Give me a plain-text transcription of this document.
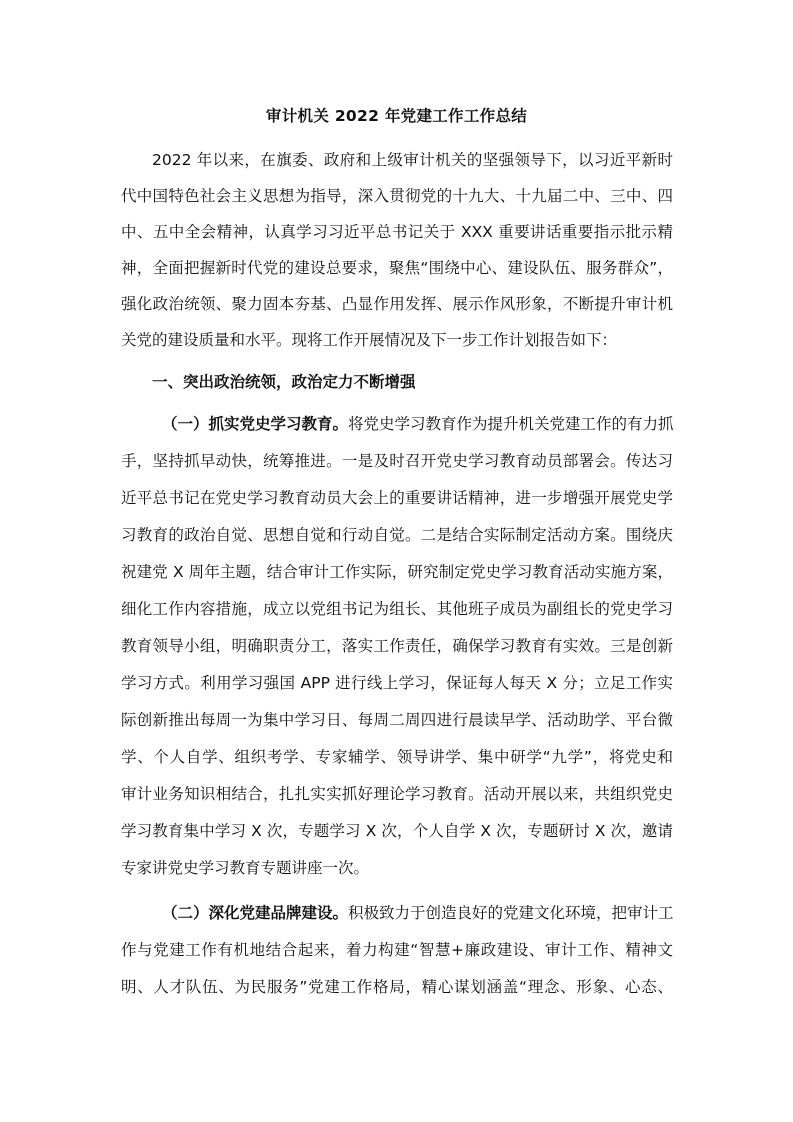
审计机关 2022 年党建工作工作总结
2022 年以来，在旗委、政府和上级审计机关的坚强领导下，以习近平新时
代中国特色社会主义思想为指导，深入贯彻党的十九大、十九届二中、三中、四
中、五中全会精神，认真学习习近平总书记关于 XXX 重要讲话重要指示批示精
神，全面把握新时代党的建设总要求，聚焦“围绕中心、建设队伍、服务群众”，
强化政治统领、聚力固本夯基、凸显作用发挥、展示作风形象，不断提升审计机
关党的建设质量和水平。现将工作开展情况及下一步工作计划报告如下：
一、突出政治统领，政治定力不断增强
（一）抓实党史学习教育。将党史学习教育作为提升机关党建工作的有力抓
手，坚持抓早动快，统筹推进。一是及时召开党史学习教育动员部署会。传达习
近平总书记在党史学习教育动员大会上的重要讲话精神，进一步增强开展党史学
习教育的政治自觉、思想自觉和行动自觉。二是结合实际制定活动方案。围绕庆
祝建党 X 周年主题，结合审计工作实际，研究制定党史学习教育活动实施方案，
细化工作内容措施，成立以党组书记为组长、其他班子成员为副组长的党史学习
教育领导小组，明确职责分工，落实工作责任，确保学习教育有实效。三是创新
学习方式。利用学习强国 APP 进行线上学习，保证每人每天 X 分；立足工作实
际创新推出每周一为集中学习日、每周二周四进行晨读早学、活动助学、平台微
学、个人自学、组织考学、专家辅学、领导讲学、集中研学“九学”，将党史和
审计业务知识相结合，扎扎实实抓好理论学习教育。活动开展以来，共组织党史
学习教育集中学习 X 次，专题学习 X 次，个人自学 X 次，专题研讨 X 次，邀请
专家讲党史学习教育专题讲座一次。
（二）深化党建品牌建设。积极致力于创造良好的党建文化环境，把审计工
作与党建工作有机地结合起来，着力构建“智慧+廉政建设、审计工作、精神文
明、人才队伍、为民服务”党建工作格局，精心谋划涵盖“理念、形象、心态、
